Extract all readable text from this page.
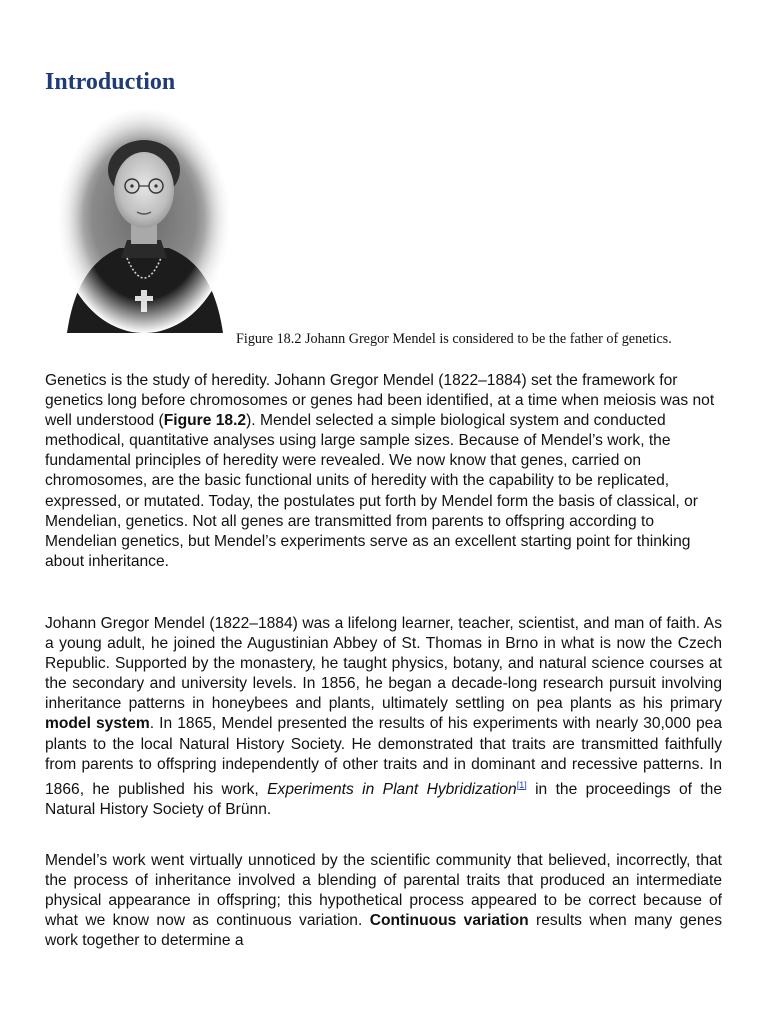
Introduction
Figure 18.2 Johann Gregor Mendel is considered to be the father of genetics.

Genetics is the study of heredity. Johann Gregor Mendel (1822–1884) set the framework for genetics long before chromosomes or genes had been identified, at a time when meiosis was not well understood (Figure 18.2). Mendel selected a simple biological system and conducted methodical, quantitative analyses using large sample sizes. Because of Mendel’s work, the fundamental principles of heredity were revealed. We now know that genes, carried on chromosomes, are the basic functional units of heredity with the capability to be replicated, expressed, or mutated. Today, the postulates put forth by Mendel form the basis of classical, or Mendelian, genetics. Not all genes are transmitted from parents to offspring according to Mendelian genetics, but Mendel’s experiments serve as an excellent starting point for thinking about inheritance.

Johann Gregor Mendel (1822–1884) was a lifelong learner, teacher, scientist, and man of faith. As a young adult, he joined the Augustinian Abbey of St. Thomas in Brno in what is now the Czech Republic. Supported by the monastery, he taught physics, botany, and natural science courses at the secondary and university levels. In 1856, he began a decade-long research pursuit involving inheritance patterns in honeybees and plants, ultimately settling on pea plants as his primary model system. In 1865, Mendel presented the results of his experiments with nearly 30,000 pea plants to the local Natural History Society. He demonstrated that traits are transmitted faithfully from parents to offspring independently of other traits and in dominant and recessive patterns. In 1866, he published his work, Experiments in Plant Hybridization[1] in the proceedings of the Natural History Society of Brünn.

Mendel’s work went virtually unnoticed by the scientific community that believed, incorrectly, that the process of inheritance involved a blending of parental traits that produced an intermediate physical appearance in offspring; this hypothetical process appeared to be correct because of what we know now as continuous variation. Continuous variation results when many genes work together to determine a
